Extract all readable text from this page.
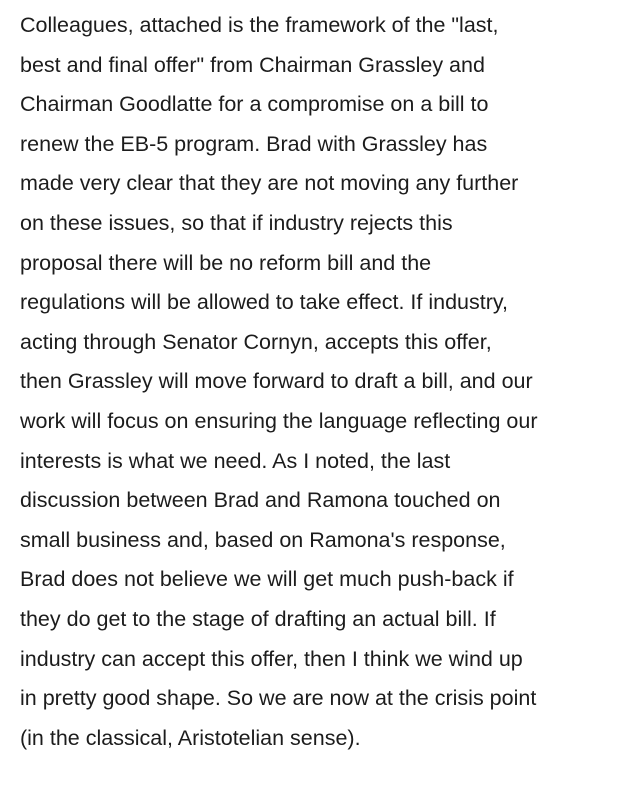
Colleagues, attached is the framework of the "last,
best and final offer" from Chairman Grassley and
Chairman Goodlatte for a compromise on a bill to
renew the EB-5 program. Brad with Grassley has
made very clear that they are not moving any further
on these issues, so that if industry rejects this
proposal there will be no reform bill and the
regulations will be allowed to take effect. If industry,
acting through Senator Cornyn, accepts this offer,
then Grassley will move forward to draft a bill, and our
work will focus on ensuring the language reflecting our
interests is what we need. As I noted, the last
discussion between Brad and Ramona touched on
small business and, based on Ramona's response,
Brad does not believe we will get much push-back if
they do get to the stage of drafting an actual bill. If
industry can accept this offer, then I think we wind up
in pretty good shape. So we are now at the crisis point
(in the classical, Aristotelian sense).
